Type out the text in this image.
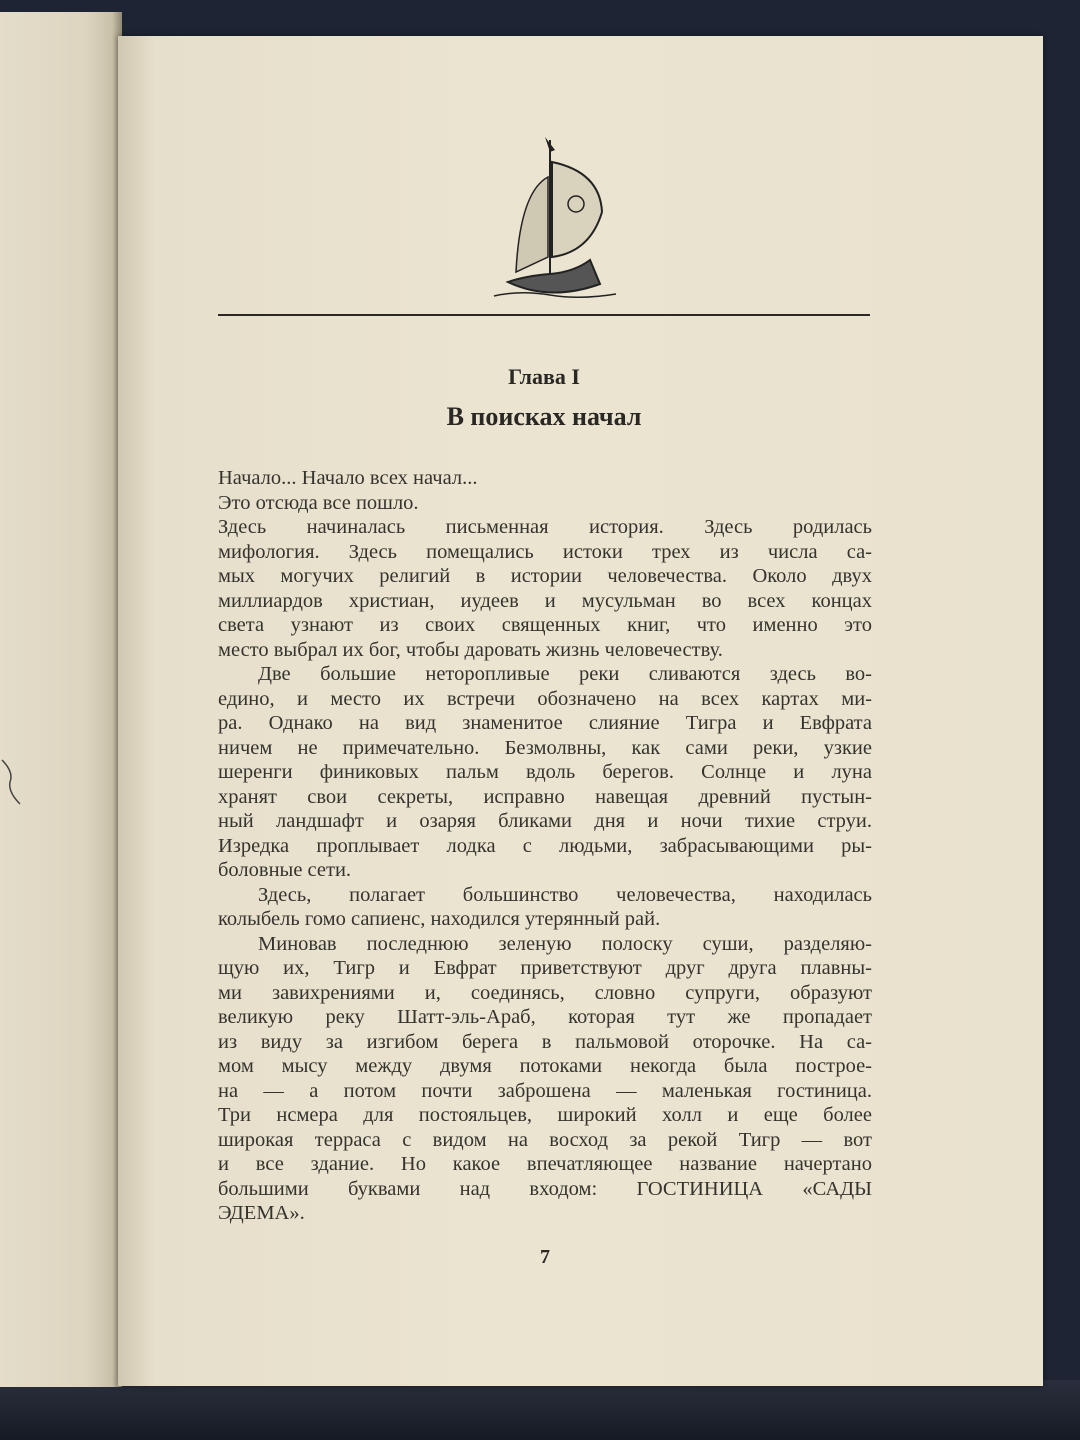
Глава I
В поисках начал
Начало... Начало всех начал...
Это отсюда все пошло.
Здесь начиналась письменная история. Здесь родилась
мифология. Здесь помещались истоки трех из числа са-
мых могучих религий в истории человечества. Около двух
миллиардов христиан, иудеев и мусульман во всех концах
света узнают из своих священных книг, что именно это
место выбрал их бог, чтобы даровать жизнь человечеству.
Две большие неторопливые реки сливаются здесь во-
едино, и место их встречи обозначено на всех картах ми-
ра. Однако на вид знаменитое слияние Тигра и Евфрата
ничем не примечательно. Безмолвны, как сами реки, узкие
шеренги финиковых пальм вдоль берегов. Солнце и луна
хранят свои секреты, исправно навещая древний пустын-
ный ландшафт и озаряя бликами дня и ночи тихие струи.
Изредка проплывает лодка с людьми, забрасывающими ры-
боловные сети.
Здесь, полагает большинство человечества, находилась
колыбель гомо сапиенс, находился утерянный рай.
Миновав последнюю зеленую полоску суши, разделяю-
щую их, Тигр и Евфрат приветствуют друг друга плавны-
ми завихрениями и, соединясь, словно супруги, образуют
великую реку Шатт-эль-Араб, которая тут же пропадает
из виду за изгибом берега в пальмовой оторочке. На са-
мом мысу между двумя потоками некогда была построе-
на — а потом почти заброшена — маленькая гостиница.
Три нсмера для постояльцев, широкий холл и еще более
широкая терраса с видом на восход за рекой Тигр — вот
и все здание. Но какое впечатляющее название начертано
большими буквами над входом: ГОСТИНИЦА «САДЫ
ЭДЕМА».
7
